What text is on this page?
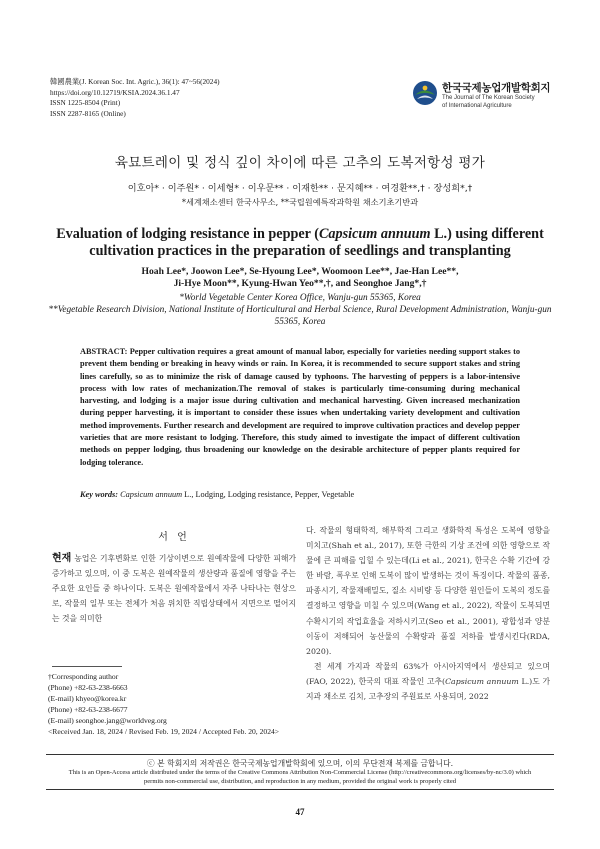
韓國農業(J. Korean Soc. Int. Agric.), 36(1): 47~56(2024)
https://doi.org/10.12719/KSIA.2024.36.1.47
ISSN 1225-8504 (Print)
ISSN 2287-8165 (Online)
한국국제농업개발학회지
The Journal of The Korean Society
of International Agriculture
육묘트레이 및 정식 깊이 차이에 따른 고추의 도복저항성 평가
이호아* · 이주원* · 이세형* · 이우문** · 이재한** · 문지혜** · 여경환**,† · 장성희*,†
*세계채소센터 한국사무소, **국립원예특작과학원 채소기초기반과
Evaluation of lodging resistance in pepper (Capsicum annuum L.) using different cultivation practices in the preparation of seedlings and transplanting
Hoah Lee*, Joowon Lee*, Se-Hyoung Lee*, Woomoon Lee**, Jae-Han Lee**,
Ji-Hye Moon**, Kyung-Hwan Yeo**,†, and Seonghoe Jang*,†
*World Vegetable Center Korea Office, Wanju-gun 55365, Korea
**Vegetable Research Division, National Institute of Horticultural and Herbal Science, Rural Development Administration, Wanju-gun 55365, Korea
ABSTRACT: Pepper cultivation requires a great amount of manual labor, especially for varieties needing support stakes to prevent them bending or breaking in heavy winds or rain. In Korea, it is recommended to secure support stakes and string lines carefully, so as to minimize the risk of damage caused by typhoons. The harvesting of peppers is a labor-intensive process with low rates of mechanization.The removal of stakes is particularly time-consuming during mechanical harvesting, and lodging is a major issue during cultivation and mechanical harvesting. Given increased mechanization during pepper harvesting, it is important to consider these issues when undertaking variety development and cultivation method improvements. Further research and development are required to improve cultivation practices and develop pepper varieties that are more resistant to lodging. Therefore, this study aimed to investigate the impact of different cultivation methods on pepper lodging, thus broadening our knowledge on the desirable architecture of pepper plants required for lodging tolerance.
Key words: Capsicum annuum L., Lodging, Lodging resistance, Pepper, Vegetable
서 언
현재 농업은 기후변화로 인한 기상이변으로 원예작물에 다양한 피해가 증가하고 있으며, 이 중 도복은 원예작물의 생산량과 품질에 영향을 주는 주요한 요인들 중 하나이다. 도복은 원예작물에서 자주 나타나는 현상으로, 작물의 일부 또는 전체가 처음 위치한 직립상태에서 지면으로 떨어지는 것을 의미한
다. 작물의 형태학적, 해부학적 그리고 생화학적 특성은 도복에 영향을 미치고(Shah et al., 2017), 또한 극한의 기상 조건에 의한 영향으로 작물에 큰 피해를 입힐 수 있는데(Li et al., 2021), 한국은 수확 기간에 강한 바람, 폭우로 인해 도복이 많이 발생하는 것이 특징이다. 작물의 품종, 파종시기, 작물재배밀도, 질소 시비량 등 다양한 원인들이 도복의 정도를 결정하고 영향을 미칠 수 있으며(Wang et al., 2022), 작물이 도복되면 수확시기의 작업효율을 저하시키고(Seo et al., 2001), 광합성과 양분 이동이 저해되어 농산물의 수확량과 품질 저하를 발생시킨다(RDA, 2020).
전 세계 가지과 작물의 63%가 아시아지역에서 생산되고 있으며(FAO, 2022), 한국의 대표 작물인 고추(Capsicum annuum L.)도 가지과 채소로 김치, 고추장의 주원료로 사용되며, 2022
†Corresponding author
(Phone) +82-63-238-6663
(E-mail) khyeo@korea.kr
(Phone) +82-63-238-6677
(E-mail) seonghoe.jang@worldveg.org
<Received Jan. 18, 2024 / Revised Feb. 19, 2024 / Accepted Feb. 20, 2024>
ⓒ 본 학회지의 저작권은 한국국제농업개발학회에 있으며, 이의 무단전재 복제를 금합니다.
This is an Open-Access article distributed under the terms of the Creative Commons Attribution Non-Commercial License (http://creativecommons.org/licenses/by-nc/3.0) which permits non-commercial use, distribution, and reproduction in any medium, provided the original work is properly cited
47
